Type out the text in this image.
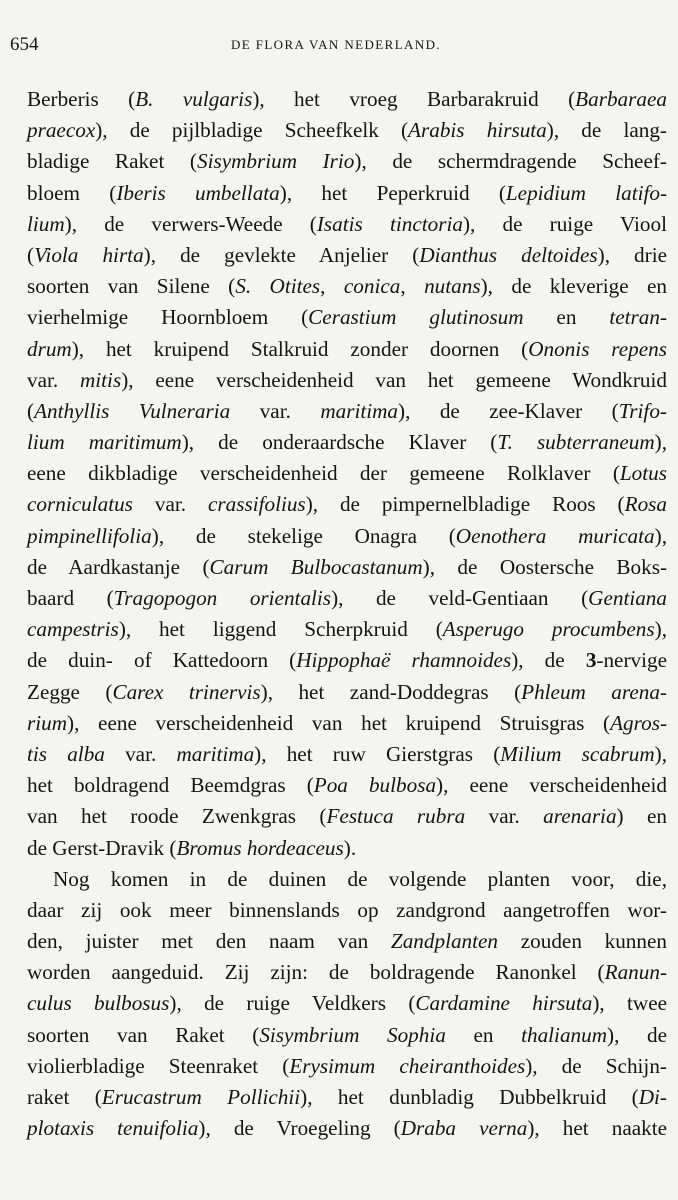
654	DE FLORA VAN NEDERLAND.
Berberis (B. vulgaris), het vroeg Barbarakruid (Barbaraea
praecox), de pijlbladige Scheefkelk (Arabis hirsuta), de lang-
bladige Raket (Sisymbrium Irio), de schermdragende Scheef-
bloem (Iberis umbellata), het Peperkruid (Lepidium latifo-
lium), de verwers-Weede (Isatis tinctoria), de ruige Viool
(Viola hirta), de gevlekte Anjelier (Dianthus deltoides), drie
soorten van Silene (S. Otites, conica, nutans), de kleverige en
vierhelmige Hoornbloem (Cerastium glutinosum en tetran-
drum), het kruipend Stalkruid zonder doornen (Ononis repens
var. mitis), eene verscheidenheid van het gemeene Wondkruid
(Anthyllis Vulneraria var. maritima), de zee-Klaver (Trifo-
lium maritimum), de onderaardsche Klaver (T. subterraneum),
eene dikbladige verscheidenheid der gemeene Rolklaver (Lotus
corniculatus var. crassifolius), de pimpernelbladige Roos (Rosa
pimpinellifolia), de stekelige Onagra (Oenothera muricata),
de Aardkastanje (Carum Bulbocastanum), de Oostersche Boks-
baard (Tragopogon orientalis), de veld-Gentiaan (Gentiana
campestris), het liggend Scherpkruid (Asperugo procumbens),
de duin- of Kattedoorn (Hippophaë rhamnoides), de 3-nervige
Zegge (Carex trinervis), het zand-Doddegras (Phleum arena-
rium), eene verscheidenheid van het kruipend Struisgras (Agros-
tis alba var. maritima), het ruw Gierstgras (Milium scabrum),
het boldragend Beemdgras (Poa bulbosa), eene verscheidenheid
van het roode Zwenkgras (Festuca rubra var. arenaria) en
de Gerst-Dravik (Bromus hordeaceus).
Nog komen in de duinen de volgende planten voor, die,
daar zij ook meer binnenslands op zandgrond aangetroffen wor-
den, juister met den naam van Zandplanten zouden kunnen
worden aangeduid. Zij zijn: de boldragende Ranonkel (Ranun-
culus bulbosus), de ruige Veldkers (Cardamine hirsuta), twee
soorten van Raket (Sisymbrium Sophia en thalianum), de
violierbladige Steenraket (Erysimum cheiranthoides), de Schijn-
raket (Erucastrum Pollichii), het dunbladig Dubbelkruid (Di-
plotaxis tenuifolia), de Vroegeling (Draba verna), het naakte
